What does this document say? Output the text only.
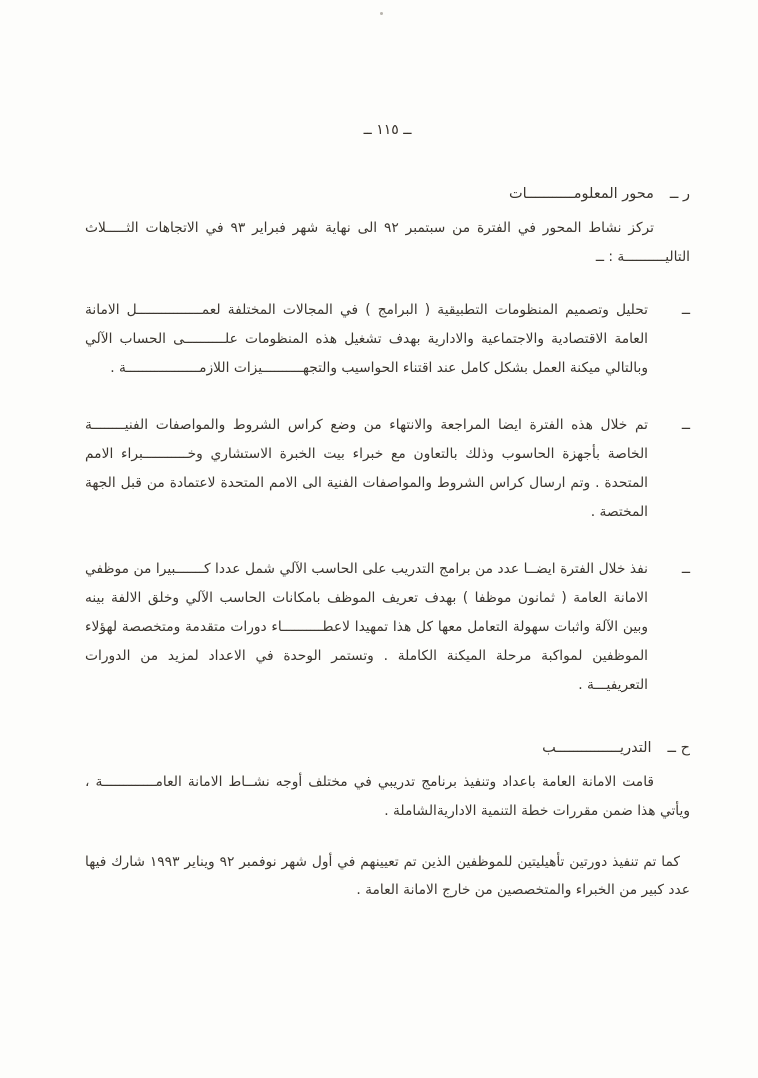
ــ ١١٥ ــ
ر ــ
محور المعلومـــــــــــات

تركز نشاط المحور في الفترة من سبتمبر ٩٢ الى نهاية شهر فبراير ٩٣ في الاتجاهات الثـــــلاث التاليــــــــــة : ــ

ــ

تحليل وتصميم المنظومات التطبيقية ( البرامج ) في المجالات المختلفة لعمــــــــــــــــل الامانة العامة الاقتصادية والاجتماعية والادارية بهدف تشغيل هذه المنظومات علــــــــــى الحساب الآلي وبالتالي ميكنة العمل بشكل كامل عند اقتناء الحواسيب والتجهــــــــــيزات اللازمــــــــــــــــــة .

ــ

تم خلال هذه الفترة ايضا المراجعة والانتهاء من وضع كراس الشروط والمواصفات الفنيــــــــة الخاصة بأجهزة الحاسوب وذلك بالتعاون مع خبراء بيت الخبرة الاستشاري وخـــــــــــبراء الامم المتحدة . وتم ارسال كراس الشروط والمواصفات الفنية الى الامم المتحدة لاعتمادة من قبل الجهة المختصة .

ــ

نفذ خلال الفترة ايضــا عدد من برامج التدريب على الحاسب الآلي شمل عددا كـــــــبيرا من موظفي الامانة العامة ( ثمانون موظفا ) بهدف تعريف الموظف بامكانات الحاسب الآلي وخلق الالفة بينه وبين الآلة واثبات سهولة التعامل معها كل هذا تمهيدا لاعطــــــــــاء دورات متقدمة ومتخصصة لهؤلاء الموظفين لمواكبة مرحلة الميكنة الكاملة . وتستمر الوحدة في الاعداد لمزيد من الدورات التعريفيـــة .

ح ــ
التدريـــــــــــــــب

قامت الامانة العامة باعداد وتنفيذ برنامج تدريبي في مختلف أوجه نشــاط الامانة العامـــــــــــــة ، ويأتي هذا ضمن مقررات خطة التنمية الاداريةالشاملة .

كما تم تنفيذ دورتين تأهيليتين للموظفين الذين تم تعيينهم في أول شهر نوفمبر ٩٢ ويناير ١٩٩٣ شارك فيها عدد كبير من الخبراء والمتخصصين من خارج الامانة العامة .
